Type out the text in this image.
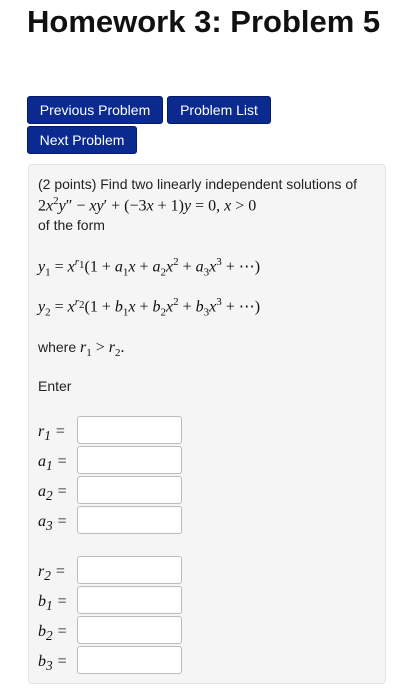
Homework 3: Problem 5
Previous Problem	Problem List
Next Problem
(2 points) Find two linearly independent solutions of
$2x^2y'' - xy' + (-3x + 1)y = 0$, x > 0
of the form
$y_1 = x^{r_1}(1 + a_1x + a_2x^2 + a_3x^3$ + ⋯)
$y_2 = x^{r_2}(1 + b_1x + b_2x^2 + b_3x^3$ + ⋯)
where $r_1 > r_2$.
Enter
$r_1$ =
$a_1$ =
$a_2$ =
$a_3$ =
$r_2$ =
$b_1$ =
$b_2$ =
$b_3$ =
